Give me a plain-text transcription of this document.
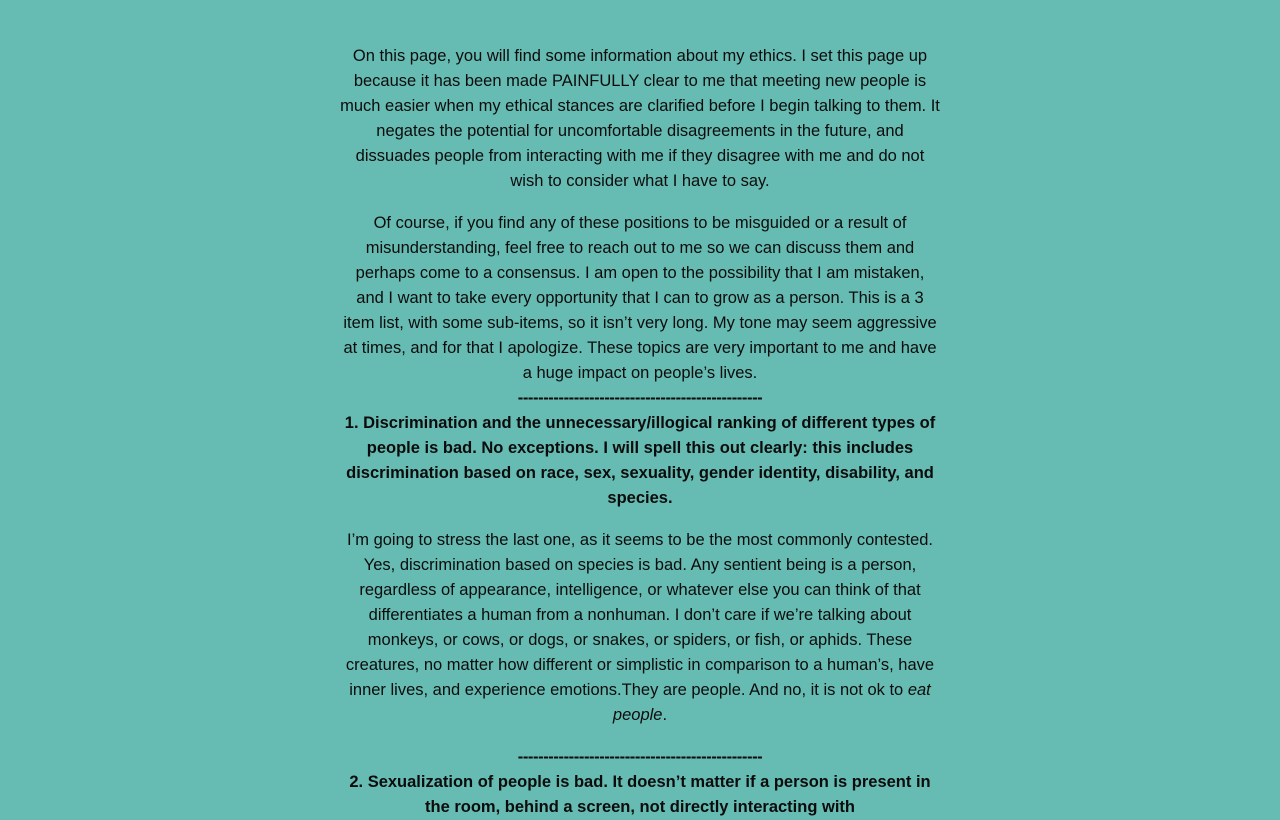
On this page, you will find some information about my ethics. I set this page up because it has been made PAINFULLY clear to me that meeting new people is much easier when my ethical stances are clarified before I begin talking to them. It negates the potential for uncomfortable disagreements in the future, and dissuades people from interacting with me if they disagree with me and do not wish to consider what I have to say.

Of course, if you find any of these positions to be misguided or a result of misunderstanding, feel free to reach out to me so we can discuss them and perhaps come to a consensus. I am open to the possibility that I am mistaken, and I want to take every opportunity that I can to grow as a person. This is a 3 item list, with some sub-items, so it isn’t very long. My tone may seem aggressive at times, and for that I apologize. These topics are very important to me and have a huge impact on people’s lives.

------------------------------------------------

1. Discrimination and the unnecessary/illogical ranking of different types of people is bad. No exceptions. I will spell this out clearly: this includes discrimination based on race, sex, sexuality, gender identity, disability, and species.

I’m going to stress the last one, as it seems to be the most commonly contested. Yes, discrimination based on species is bad. Any sentient being is a person, regardless of appearance, intelligence, or whatever else you can think of that differentiates a human from a nonhuman. I don’t care if we’re talking about monkeys, or cows, or dogs, or snakes, or spiders, or fish, or aphids. These creatures, no matter how different or simplistic in comparison to a human’s, have inner lives, and experience emotions.They are people. And no, it is not ok to eat people.

------------------------------------------------

2. Sexualization of people is bad. It doesn’t matter if a person is present in the room, behind a screen, not directly interacting with
